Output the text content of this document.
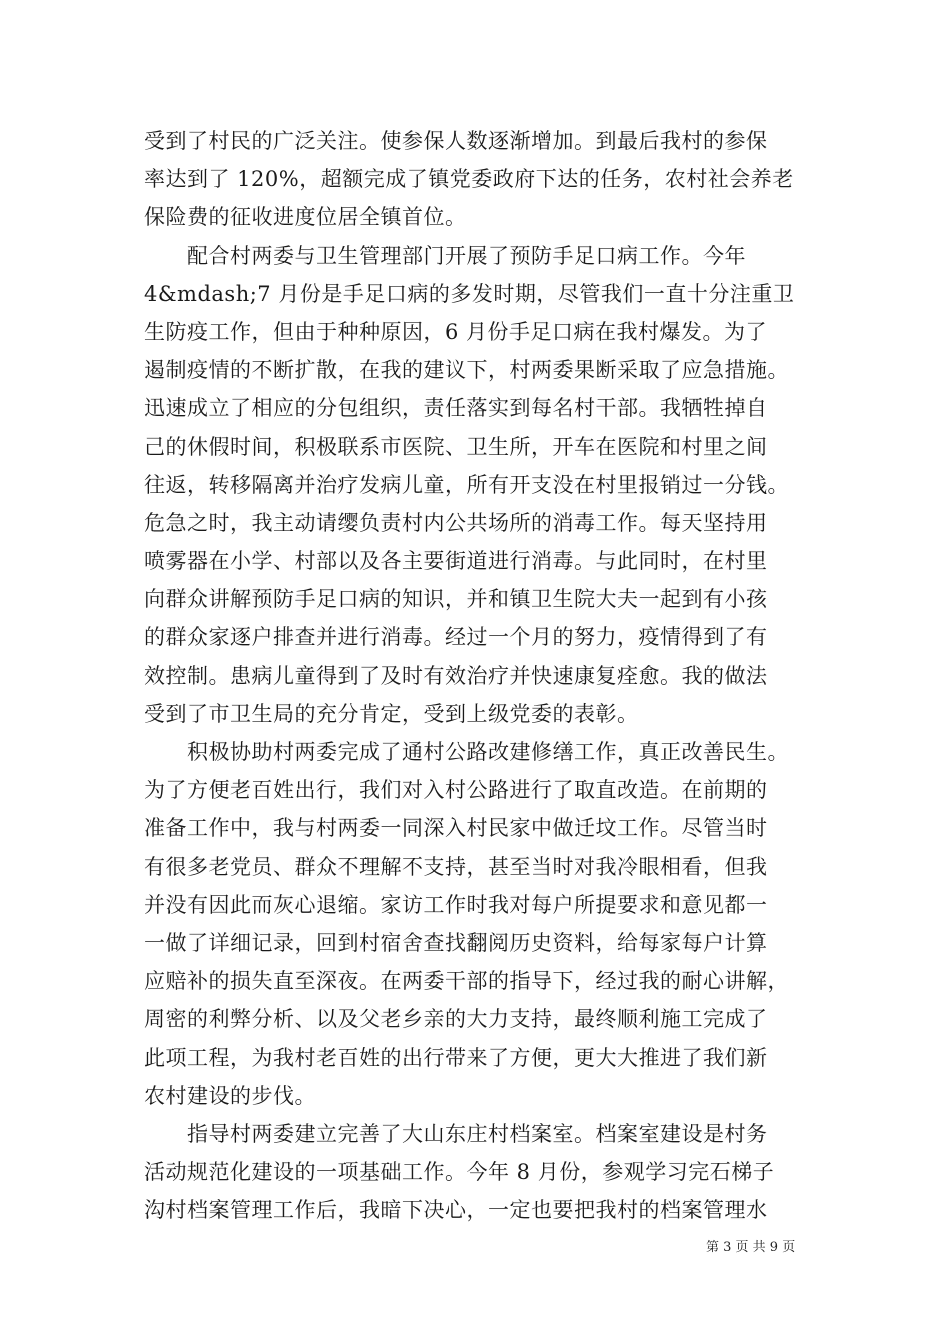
受到了村民的广泛关注。使参保人数逐渐增加。到最后我村的参保
率达到了 120%，超额完成了镇党委政府下达的任务，农村社会养老
保险费的征收进度位居全镇首位。
　　配合村两委与卫生管理部门开展了预防手足口病工作。今年
4&mdash;7 月份是手足口病的多发时期，尽管我们一直十分注重卫
生防疫工作，但由于种种原因，6 月份手足口病在我村爆发。为了
遏制疫情的不断扩散，在我的建议下，村两委果断采取了应急措施。
迅速成立了相应的分包组织，责任落实到每名村干部。我牺牲掉自
己的休假时间，积极联系市医院、卫生所，开车在医院和村里之间
往返，转移隔离并治疗发病儿童，所有开支没在村里报销过一分钱。
危急之时，我主动请缨负责村内公共场所的消毒工作。每天坚持用
喷雾器在小学、村部以及各主要街道进行消毒。与此同时，在村里
向群众讲解预防手足口病的知识，并和镇卫生院大夫一起到有小孩
的群众家逐户排查并进行消毒。经过一个月的努力，疫情得到了有
效控制。患病儿童得到了及时有效治疗并快速康复痊愈。我的做法
受到了市卫生局的充分肯定，受到上级党委的表彰。
　　积极协助村两委完成了通村公路改建修缮工作，真正改善民生。
为了方便老百姓出行，我们对入村公路进行了取直改造。在前期的
准备工作中，我与村两委一同深入村民家中做迁坟工作。尽管当时
有很多老党员、群众不理解不支持，甚至当时对我冷眼相看，但我
并没有因此而灰心退缩。家访工作时我对每户所提要求和意见都一
一做了详细记录，回到村宿舍查找翻阅历史资料，给每家每户计算
应赔补的损失直至深夜。在两委干部的指导下，经过我的耐心讲解，
周密的利弊分析、以及父老乡亲的大力支持，最终顺利施工完成了
此项工程，为我村老百姓的出行带来了方便，更大大推进了我们新
农村建设的步伐。
　　指导村两委建立完善了大山东庄村档案室。档案室建设是村务
活动规范化建设的一项基础工作。今年 8 月份，参观学习完石梯子
沟村档案管理工作后，我暗下决心，一定也要把我村的档案管理水
第 3 页 共 9 页
